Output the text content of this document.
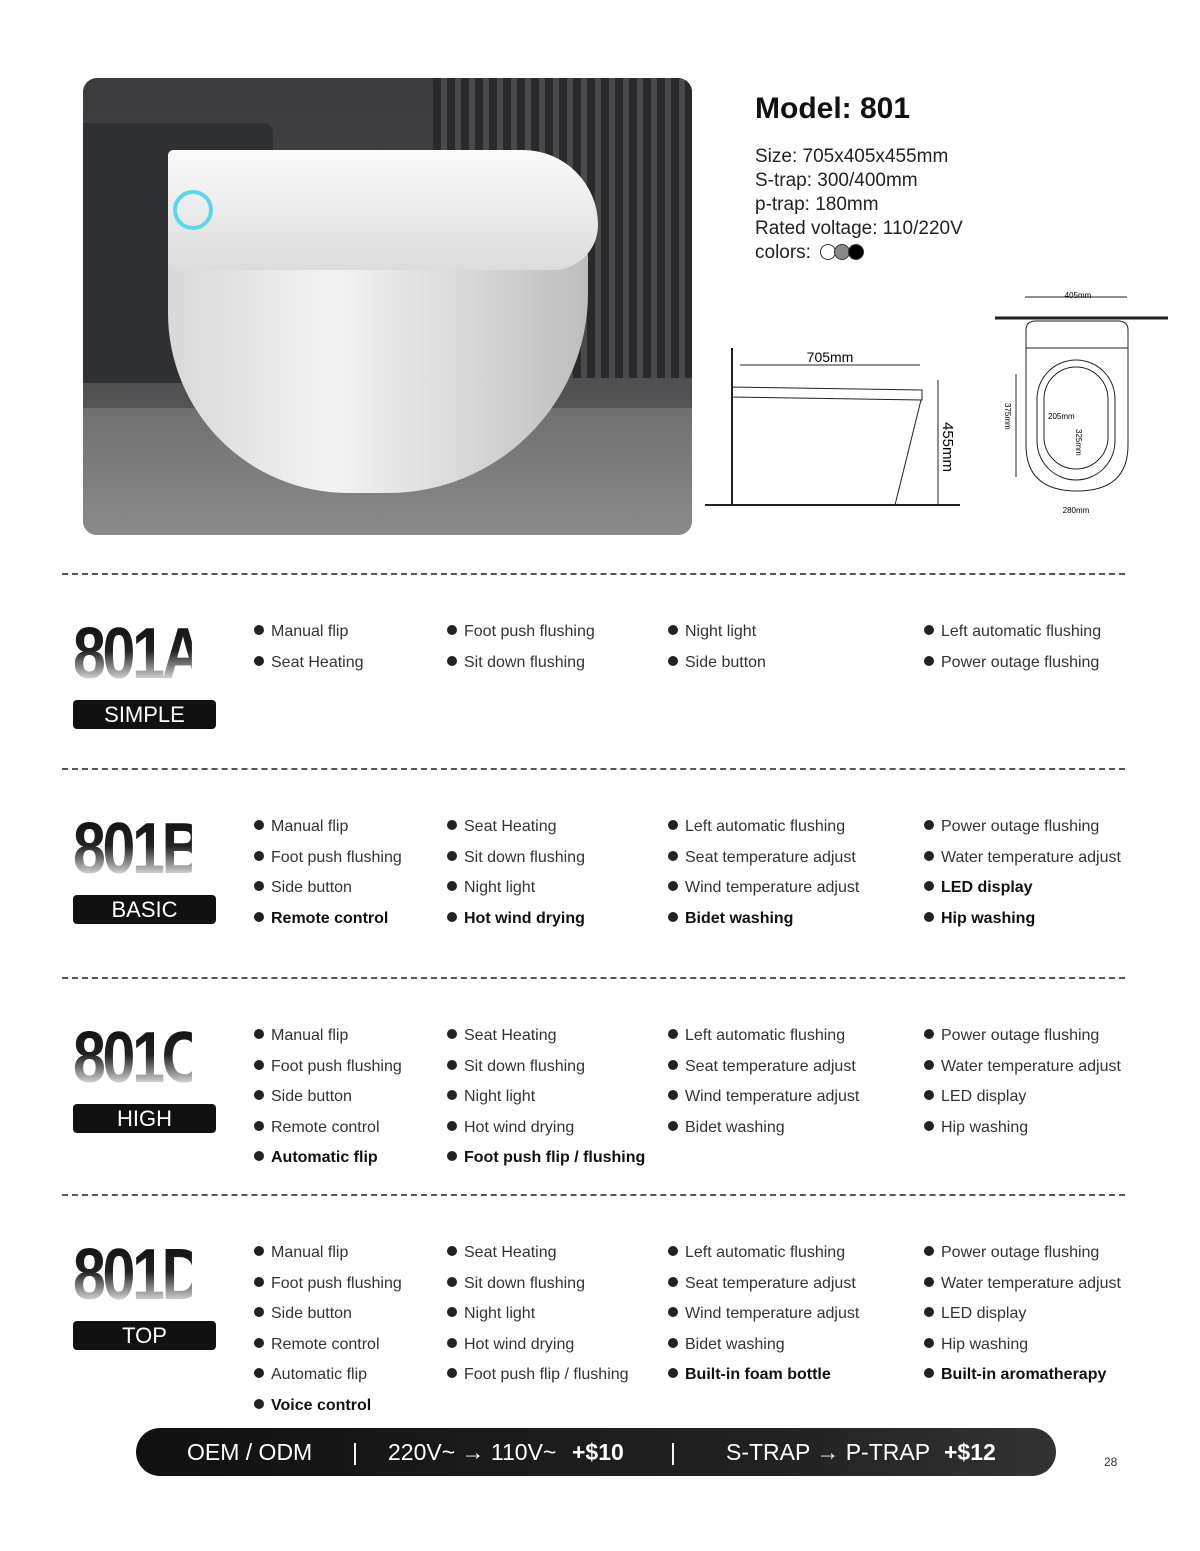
Model: 801
Size: 705x405x455mm
S-trap: 300/400mm
p-trap: 180mm
Rated voltage: 110/220V
colors:
705mm
455mm
405mm
375mm	205mm
325mm
280mm
801A
SIMPLE
Manual flip
Seat Heating
Foot push flushing
Sit down flushing
Night light
Side button
Left automatic flushing
Power outage flushing
801B
BASIC
Manual flip
Foot push flushing
Side button
Remote control
Seat Heating
Sit down flushing
Night light
Hot wind drying
Left automatic flushing
Seat temperature adjust
Wind temperature adjust
Bidet washing
Power outage flushing
Water temperature adjust
LED display
Hip washing
801C
HIGH
Manual flip
Foot push flushing
Side button
Remote control
Automatic flip
Seat Heating
Sit down flushing
Night light
Hot wind drying
Foot push flip / flushing
Left automatic flushing
Seat temperature adjust
Wind temperature adjust
Bidet washing
Power outage flushing
Water temperature adjust
LED display
Hip washing
801D
TOP
Manual flip
Foot push flushing
Side button
Remote control
Automatic flip
Voice control
Seat Heating
Sit down flushing
Night light
Hot wind drying
Foot push flip / flushing
Left automatic flushing
Seat temperature adjust
Wind temperature adjust
Bidet washing
Built-in foam bottle
Power outage flushing
Water temperature adjust
LED display
Hip washing
Built-in aromatherapy
OEM / ODM | 220V~ → 110V~ +$10 | S-TRAP → P-TRAP +$12	28
